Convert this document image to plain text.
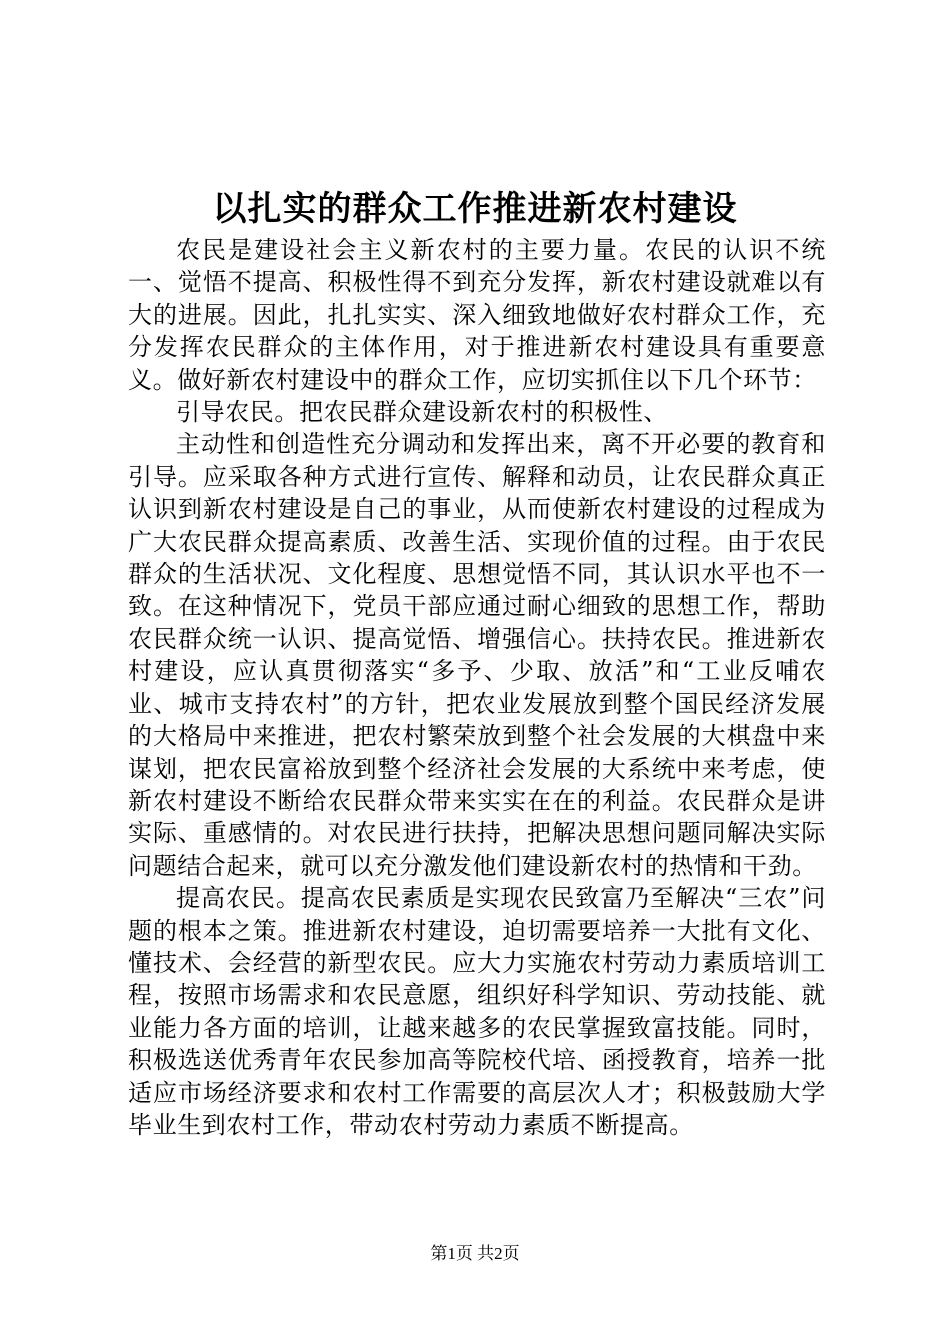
以扎实的群众工作推进新农村建设

农民是建设社会主义新农村的主要力量。农民的认识不统一、觉悟不提高、积极性得不到充分发挥，新农村建设就难以有大的进展。因此，扎扎实实、深入细致地做好农村群众工作，充分发挥农民群众的主体作用，对于推进新农村建设具有重要意义。做好新农村建设中的群众工作，应切实抓住以下几个环节：

引导农民。把农民群众建设新农村的积极性、

主动性和创造性充分调动和发挥出来，离不开必要的教育和引导。应采取各种方式进行宣传、解释和动员，让农民群众真正认识到新农村建设是自己的事业，从而使新农村建设的过程成为广大农民群众提高素质、改善生活、实现价值的过程。由于农民群众的生活状况、文化程度、思想觉悟不同，其认识水平也不一致。在这种情况下，党员干部应通过耐心细致的思想工作，帮助农民群众统一认识、提高觉悟、增强信心。扶持农民。推进新农村建设，应认真贯彻落实“多予、少取、放活”和“工业反哺农业、城市支持农村”的方针，把农业发展放到整个国民经济发展的大格局中来推进，把农村繁荣放到整个社会发展的大棋盘中来谋划，把农民富裕放到整个经济社会发展的大系统中来考虑，使新农村建设不断给农民群众带来实实在在的利益。农民群众是讲实际、重感情的。对农民进行扶持，把解决思想问题同解决实际问题结合起来，就可以充分激发他们建设新农村的热情和干劲。

提高农民。提高农民素质是实现农民致富乃至解决“三农”问题的根本之策。推进新农村建设，迫切需要培养一大批有文化、懂技术、会经营的新型农民。应大力实施农村劳动力素质培训工程，按照市场需求和农民意愿，组织好科学知识、劳动技能、就业能力各方面的培训，让越来越多的农民掌握致富技能。同时，积极选送优秀青年农民参加高等院校代培、函授教育，培养一批适应市场经济要求和农村工作需要的高层次人才；积极鼓励大学毕业生到农村工作，带动农村劳动力素质不断提高。

第1页 共2页
